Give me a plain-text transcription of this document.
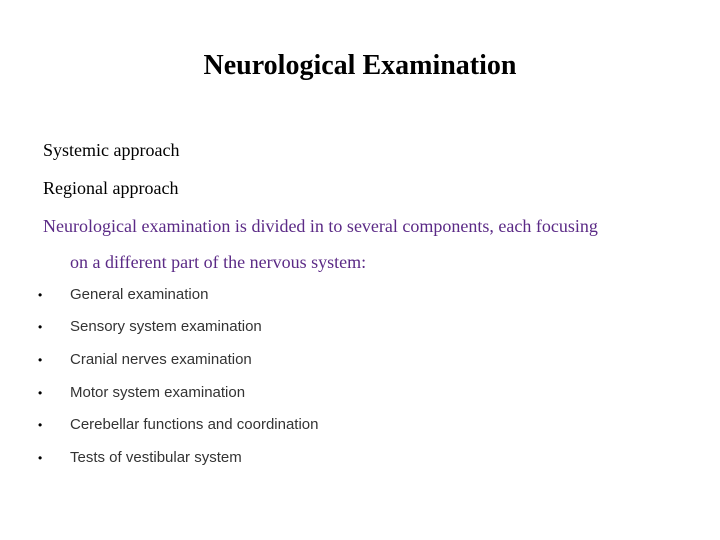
Neurological Examination
Systemic approach
Regional approach
Neurological examination is divided in to several components, each focusing
on a different part of the nervous system:
•	General examination
•	Sensory system examination
•	Cranial nerves examination
•	Motor system examination
•	Cerebellar functions and coordination
•	Tests of vestibular system
